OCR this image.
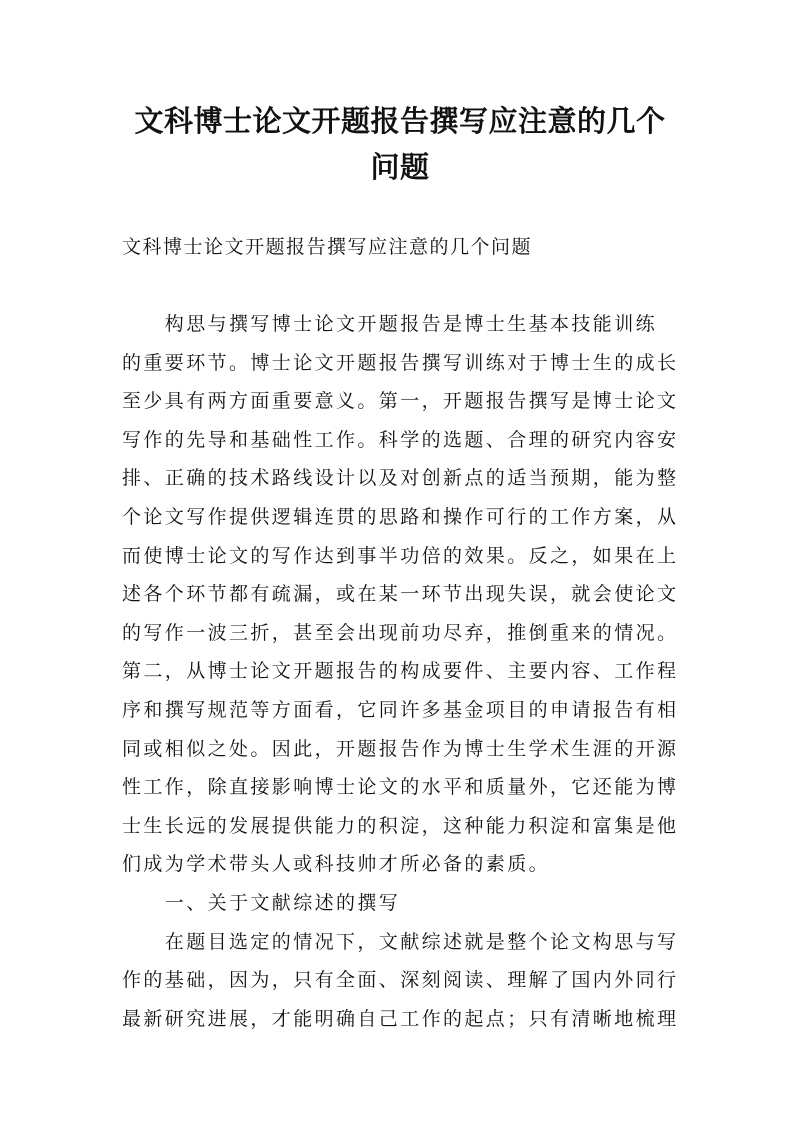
文科博士论文开题报告撰写应注意的几个
问题

文科博士论文开题报告撰写应注意的几个问题

　　构思与撰写博士论文开题报告是博士生基本技能训练
的重要环节。博士论文开题报告撰写训练对于博士生的成长
至少具有两方面重要意义。第一，开题报告撰写是博士论文
写作的先导和基础性工作。科学的选题、合理的研究内容安
排、正确的技术路线设计以及对创新点的适当预期，能为整
个论文写作提供逻辑连贯的思路和操作可行的工作方案，从
而使博士论文的写作达到事半功倍的效果。反之，如果在上
述各个环节都有疏漏，或在某一环节出现失误，就会使论文
的写作一波三折，甚至会出现前功尽弃，推倒重来的情况。
第二，从博士论文开题报告的构成要件、主要内容、工作程
序和撰写规范等方面看，它同许多基金项目的申请报告有相
同或相似之处。因此，开题报告作为博士生学术生涯的开源
性工作，除直接影响博士论文的水平和质量外，它还能为博
士生长远的发展提供能力的积淀，这种能力积淀和富集是他
们成为学术带头人或科技帅才所必备的素质。
　　一、关于文献综述的撰写
　　在题目选定的情况下，文献综述就是整个论文构思与写
作的基础，因为，只有全面、深刻阅读、理解了国内外同行
最新研究进展，才能明确自己工作的起点；只有清晰地梳理
